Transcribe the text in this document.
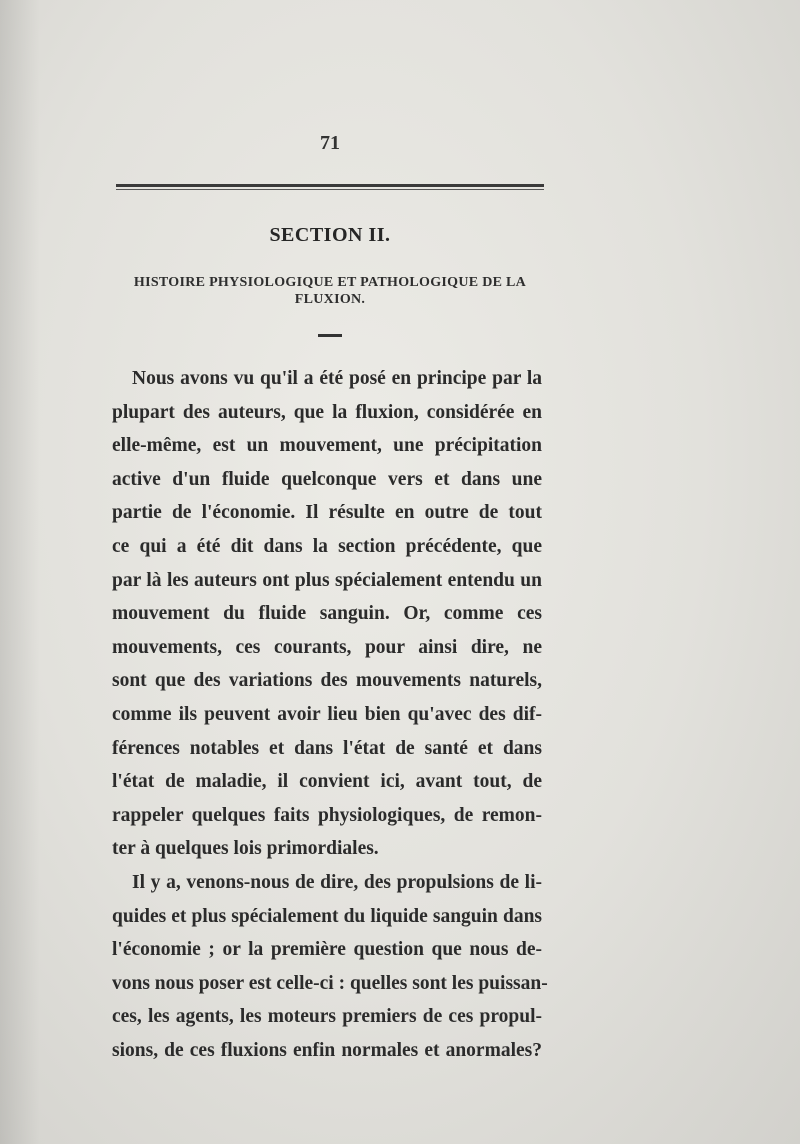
71
SECTION II.
HISTOIRE PHYSIOLOGIQUE ET PATHOLOGIQUE DE LA
FLUXION.
Nous avons vu qu'il a été posé en principe par la
plupart des auteurs, que la fluxion, considérée en
elle-même, est un mouvement, une précipitation
active d'un fluide quelconque vers et dans une
partie de l'économie. Il résulte en outre de tout
ce qui a été dit dans la section précédente, que
par là les auteurs ont plus spécialement entendu un
mouvement du fluide sanguin. Or, comme ces
mouvements, ces courants, pour ainsi dire, ne
sont que des variations des mouvements naturels,
comme ils peuvent avoir lieu bien qu'avec des dif-
férences notables et dans l'état de santé et dans
l'état de maladie, il convient ici, avant tout, de
rappeler quelques faits physiologiques, de remon-
ter à quelques lois primordiales.
Il y a, venons-nous de dire, des propulsions de li-
quides et plus spécialement du liquide sanguin dans
l'économie ; or la première question que nous de-
vons nous poser est celle-ci : quelles sont les puissan-
ces, les agents, les moteurs premiers de ces propul-
sions, de ces fluxions enfin normales et anormales?
